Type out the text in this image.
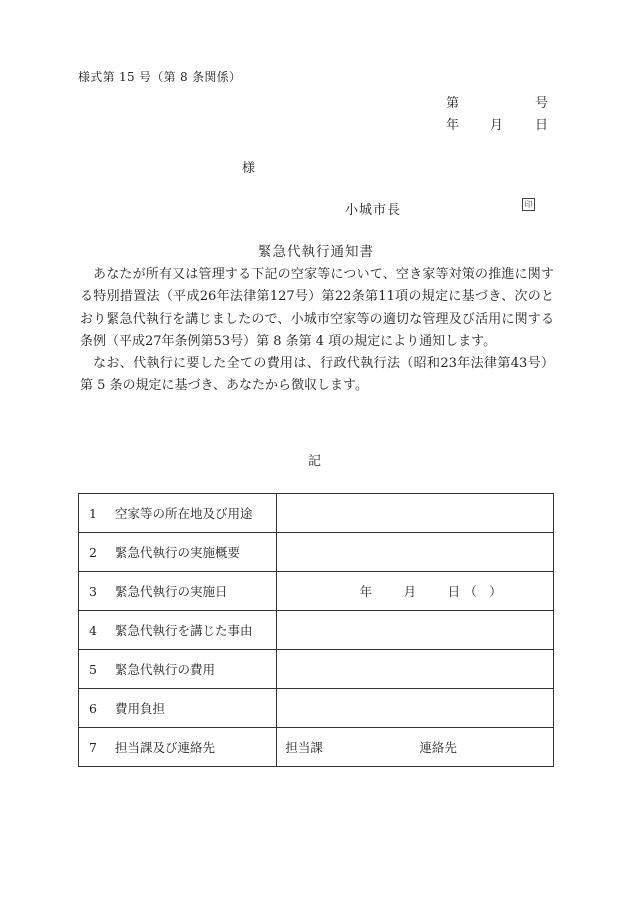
様式第 15 号（第 8 条関係）
第	号
年 月 日
様
小城市長	印
緊急代執行通知書

あなたが所有又は管理する下記の空家等について、空き家等対策の推進に関する特別措置法（平成26年法律第127号）第22条第11項の規定に基づき、次のとおり緊急代執行を講じましたので、小城市空家等の適切な管理及び活用に関する条例（平成27年条例第53号）第 8 条第 4 項の規定により通知します。

なお、代執行に要した全ての費用は、行政代執行法（昭和23年法律第43号）第 5 条の規定に基づき、あなたから徴収します。

記
1 空家等の所在地及び用途	
2 緊急代執行の実施概要	
3 緊急代執行の実施日	年 月 日 （　）

4 緊急代執行を講じた事由	
5 緊急代執行の費用	
6 費用負担	
7 担当課及び連絡先	担当課 連絡先
